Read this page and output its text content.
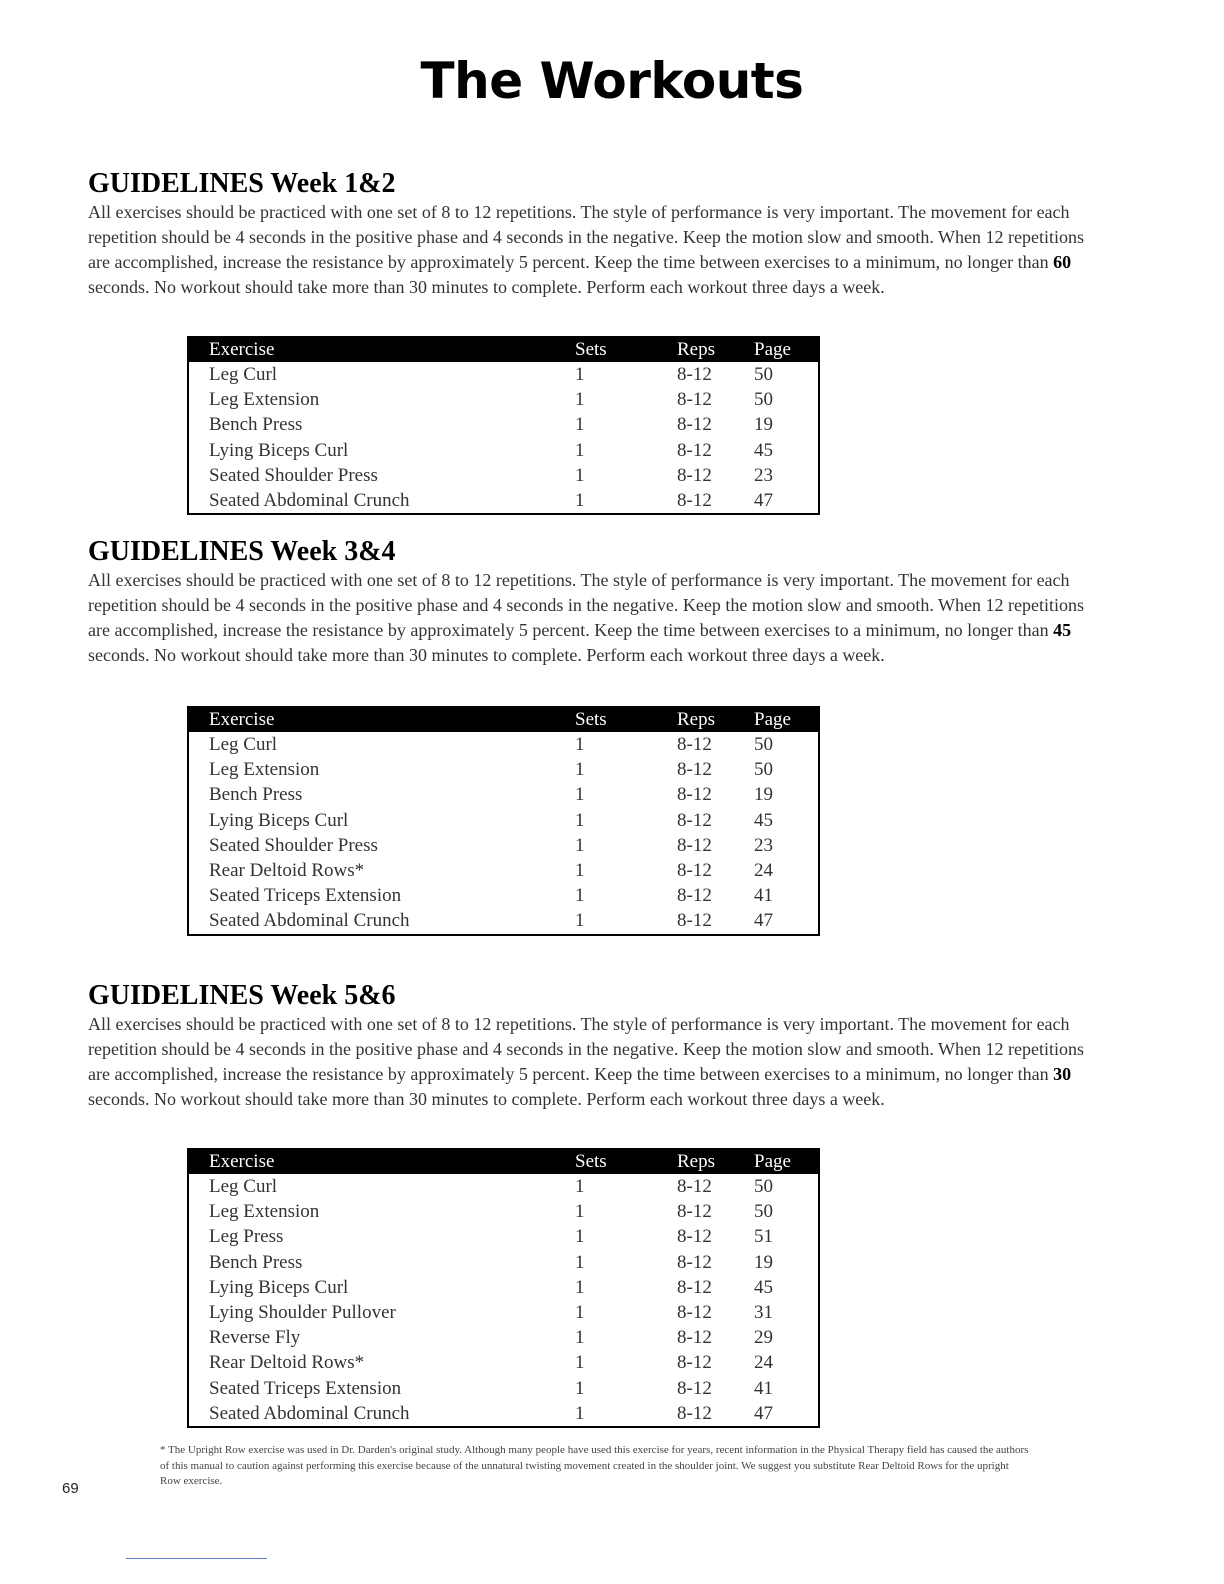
The Workouts
GUIDELINES Week 1&2

All exercises should be practiced with one set of 8 to 12 repetitions. The style of performance is very important. The movement for each repetition should be 4 seconds in the positive phase and 4 seconds in the negative. Keep the motion slow and smooth. When 12 repetitions are accomplished, increase the resistance by approximately 5 percent. Keep the time between exercises to a minimum, no longer than 60 seconds. No workout should take more than 30 minutes to complete. Perform each workout three days a week.

Exercise	Sets	Reps Page
Leg Curl	1	8-12 50
Leg Extension	1	8-12 50
Bench Press	1	8-12 19
Lying Biceps Curl	1	8-12 45
Seated Shoulder Press	1	8-12 23
Seated Abdominal Crunch	1	8-12 47
GUIDELINES Week 3&4

All exercises should be practiced with one set of 8 to 12 repetitions. The style of performance is very important. The movement for each repetition should be 4 seconds in the positive phase and 4 seconds in the negative. Keep the motion slow and smooth. When 12 repetitions are accomplished, increase the resistance by approximately 5 percent. Keep the time between exercises to a minimum, no longer than 45 seconds. No workout should take more than 30 minutes to complete. Perform each workout three days a week.

Exercise	Sets	Reps Page
Leg Curl	1	8-12 50
Leg Extension	1	8-12 50
Bench Press	1	8-12 19
Lying Biceps Curl	1	8-12 45
Seated Shoulder Press	1	8-12 23
Rear Deltoid Rows*	1	8-12 24
Seated Triceps Extension	1	8-12 41
Seated Abdominal Crunch	1	8-12 47
GUIDELINES Week 5&6

All exercises should be practiced with one set of 8 to 12 repetitions. The style of performance is very important. The movement for each repetition should be 4 seconds in the positive phase and 4 seconds in the negative. Keep the motion slow and smooth. When 12 repetitions are accomplished, increase the resistance by approximately 5 percent. Keep the time between exercises to a minimum, no longer than 30 seconds. No workout should take more than 30 minutes to complete. Perform each workout three days a week.

Exercise	Sets	Reps Page
Leg Curl	1	8-12 50
Leg Extension	1	8-12 50
Leg Press	1	8-12 51
Bench Press	1	8-12 19
Lying Biceps Curl	1	8-12 45
Lying Shoulder Pullover	1	8-12 31
Reverse Fly	1	8-12 29
Rear Deltoid Rows*	1	8-12 24
Seated Triceps Extension	1	8-12 41
Seated Abdominal Crunch	1	8-12 47
* The Upright Row exercise was used in Dr. Darden's original study. Although many people have used this exercise for years, recent information in the Physical Therapy field has caused the authors of this manual to caution against performing this exercise because of the unnatural twisting movement created in the shoulder joint. We suggest you substitute Rear Deltoid Rows for the upright Row exercise.
69
